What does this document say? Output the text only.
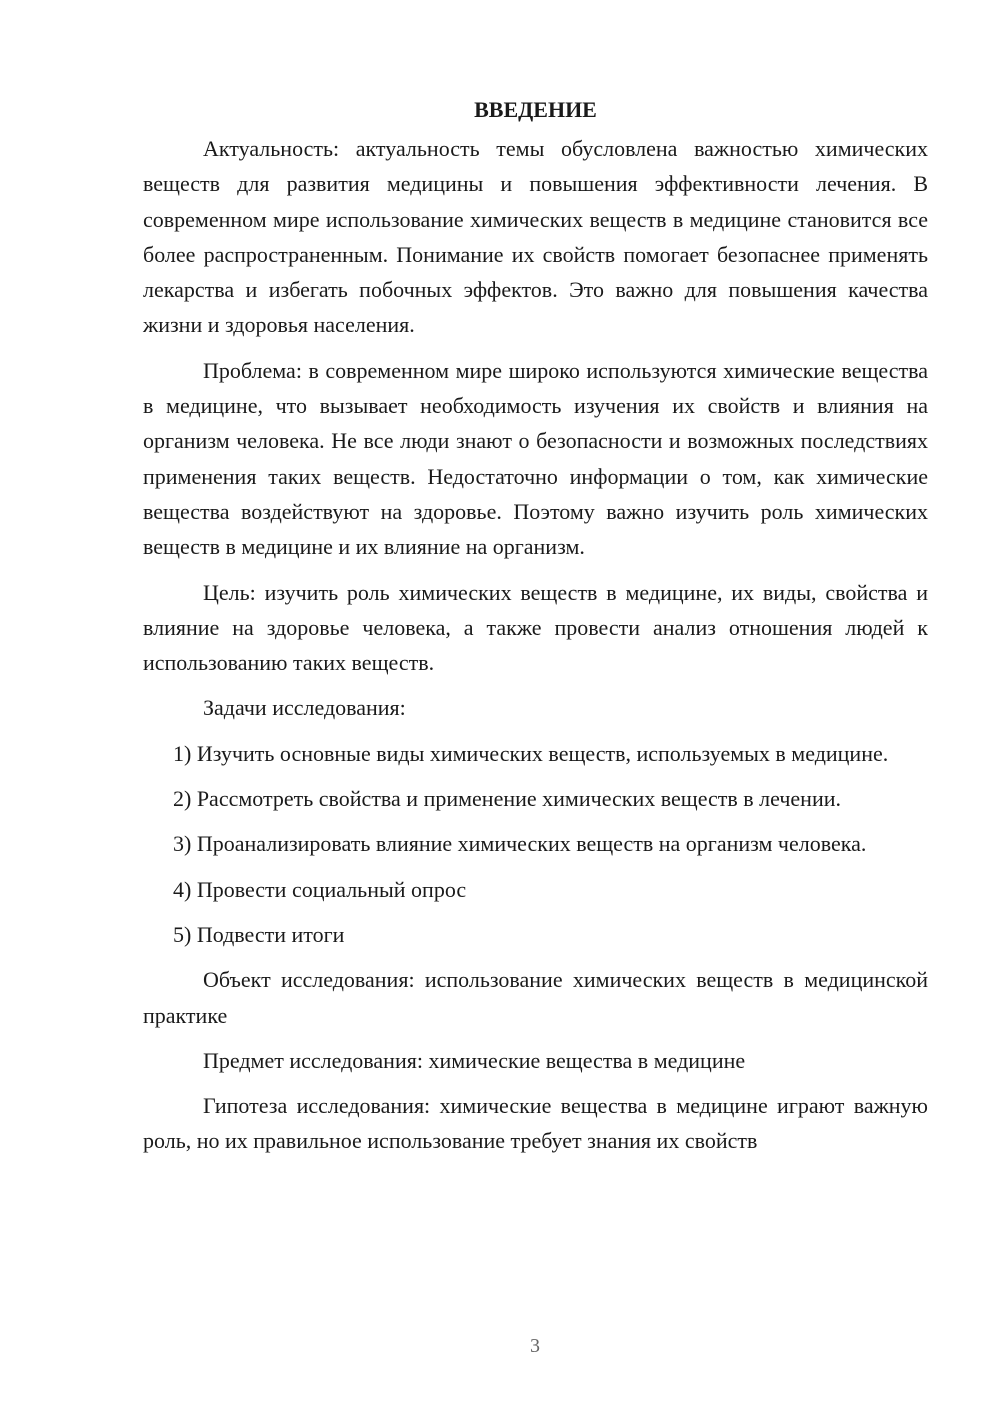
ВВЕДЕНИЕ

Актуальность: актуальность темы обусловлена важностью химических веществ для развития медицины и повышения эффективности лечения. В современном мире использование химических веществ в медицине становится все более распространенным. Понимание их свойств помогает безопаснее применять лекарства и избегать побочных эффектов. Это важно для повышения качества жизни и здоровья населения.

Проблема: в современном мире широко используются химические вещества в медицине, что вызывает необходимость изучения их свойств и влияния на организм человека. Не все люди знают о безопасности и возможных последствиях применения таких веществ. Недостаточно информации о том, как химические вещества воздействуют на здоровье. Поэтому важно изучить роль химических веществ в медицине и их влияние на организм.

Цель: изучить роль химических веществ в медицине, их виды, свойства и влияние на здоровье человека, а также провести анализ отношения людей к использованию таких веществ.

Задачи исследования:

1) Изучить основные виды химических веществ, используемых в медицине.

2) Рассмотреть свойства и применение химических веществ в лечении.

3) Проанализировать влияние химических веществ на организм человека.

4) Провести социальный опрос

5) Подвести итоги

Объект исследования: использование химических веществ в медицинской практике

Предмет исследования: химические вещества в медицине

Гипотеза исследования: химические вещества в медицине играют важную роль, но их правильное использование требует знания их свойств

3
